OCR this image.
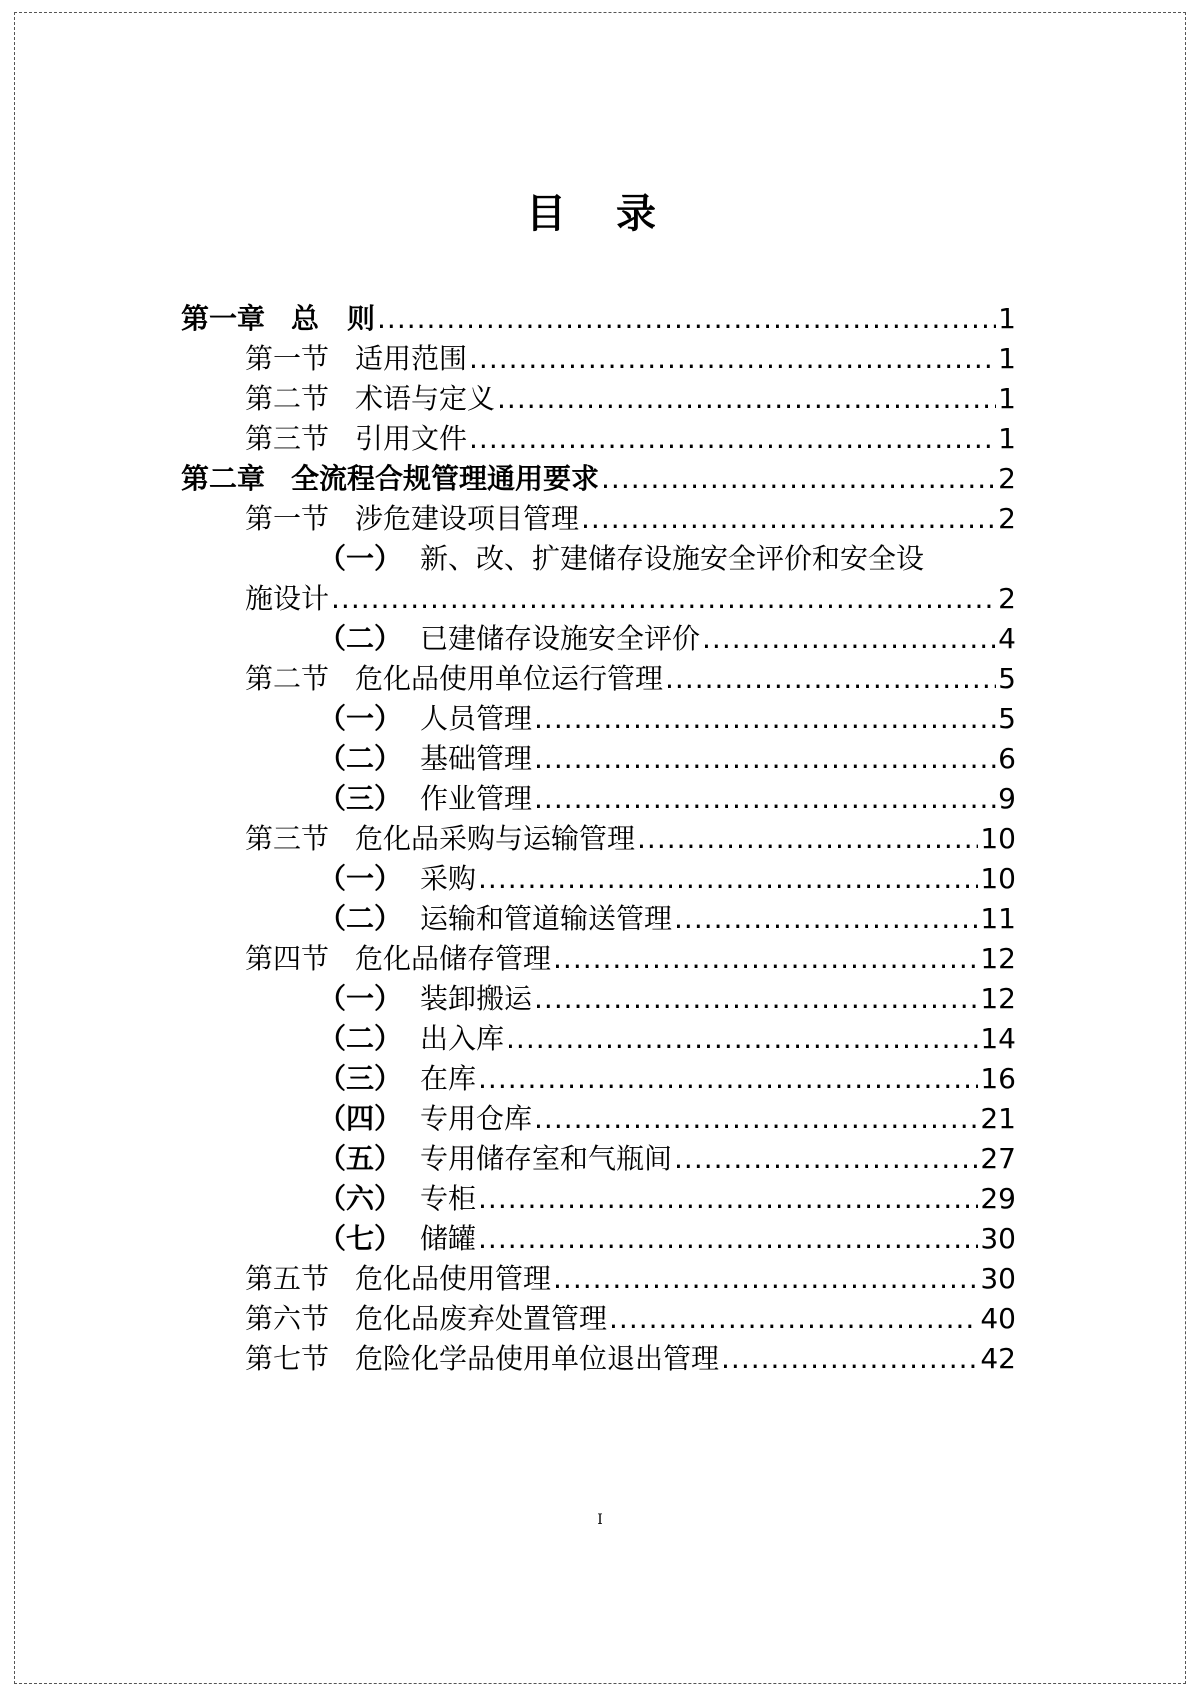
目 录
第一章 总　则 .....	1
第一节 适用范围 .....	1
第二节 术语与定义 .....	1
第三节 引用文件 .....	1
第二章 全流程合规管理通用要求 .....	2
第一节 涉危建设项目管理 .....	2
（一） 新、改、扩建储存设施安全评价和安全设
施设计 .....	2
（二） 已建储存设施安全评价 .....	4
第二节 危化品使用单位运行管理 .....	5
（一） 人员管理 .....	5
（二） 基础管理 .....	6
（三） 作业管理 .....	9
第三节 危化品采购与运输管理 .....	10
（一） 采购 .....	10
（二） 运输和管道输送管理 .....	11
第四节 危化品储存管理 .....	12
（一） 装卸搬运 .....	12
（二） 出入库 .....	14
（三） 在库 .....	16
（四） 专用仓库 .....	21
（五） 专用储存室和气瓶间 .....	27
（六） 专柜 .....	29
（七） 储罐 .....	30
第五节 危化品使用管理 .....	30
第六节 危化品废弃处置管理 .....	40
第七节 危险化学品使用单位退出管理 .....	42
I
